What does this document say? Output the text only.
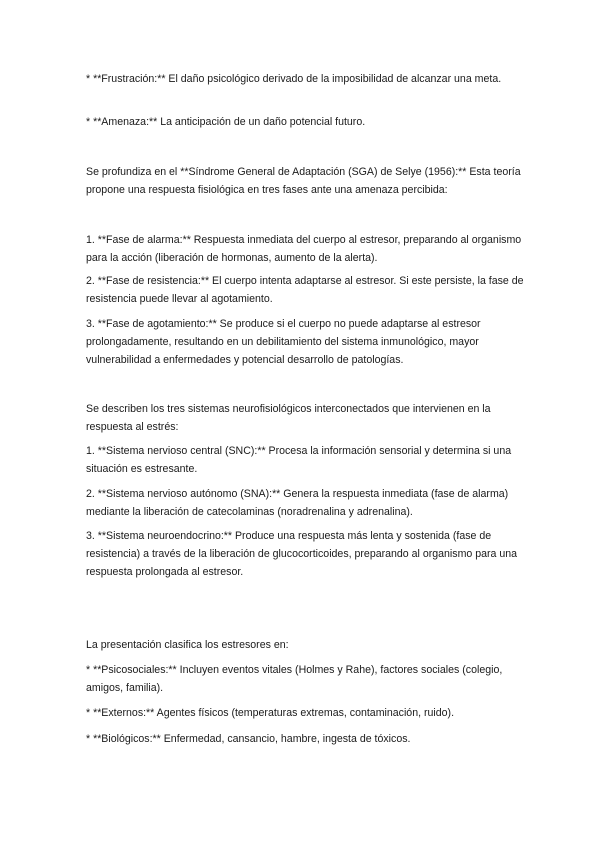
* **Frustración:** El daño psicológico derivado de la imposibilidad de alcanzar una meta.

* **Amenaza:** La anticipación de un daño potencial futuro.

Se profundiza en el **Síndrome General de Adaptación (SGA) de Selye (1956):** Esta teoría propone una respuesta fisiológica en tres fases ante una amenaza percibida:

1. **Fase de alarma:** Respuesta inmediata del cuerpo al estresor, preparando al organismo para la acción (liberación de hormonas, aumento de la alerta).

2. **Fase de resistencia:** El cuerpo intenta adaptarse al estresor. Si este persiste, la fase de resistencia puede llevar al agotamiento.

3. **Fase de agotamiento:** Se produce si el cuerpo no puede adaptarse al estresor prolongadamente, resultando en un debilitamiento del sistema inmunológico, mayor vulnerabilidad a enfermedades y potencial desarrollo de patologías.

Se describen los tres sistemas neurofisiológicos interconectados que intervienen en la respuesta al estrés:

1. **Sistema nervioso central (SNC):** Procesa la información sensorial y determina si una situación es estresante.

2. **Sistema nervioso autónomo (SNA):** Genera la respuesta inmediata (fase de alarma) mediante la liberación de catecolaminas (noradrenalina y adrenalina).

3. **Sistema neuroendocrino:** Produce una respuesta más lenta y sostenida (fase de resistencia) a través de la liberación de glucocorticoides, preparando al organismo para una respuesta prolongada al estresor.

La presentación clasifica los estresores en:

* **Psicosociales:** Incluyen eventos vitales (Holmes y Rahe), factores sociales (colegio, amigos, familia).

* **Externos:** Agentes físicos (temperaturas extremas, contaminación, ruido).

* **Biológicos:** Enfermedad, cansancio, hambre, ingesta de tóxicos.
